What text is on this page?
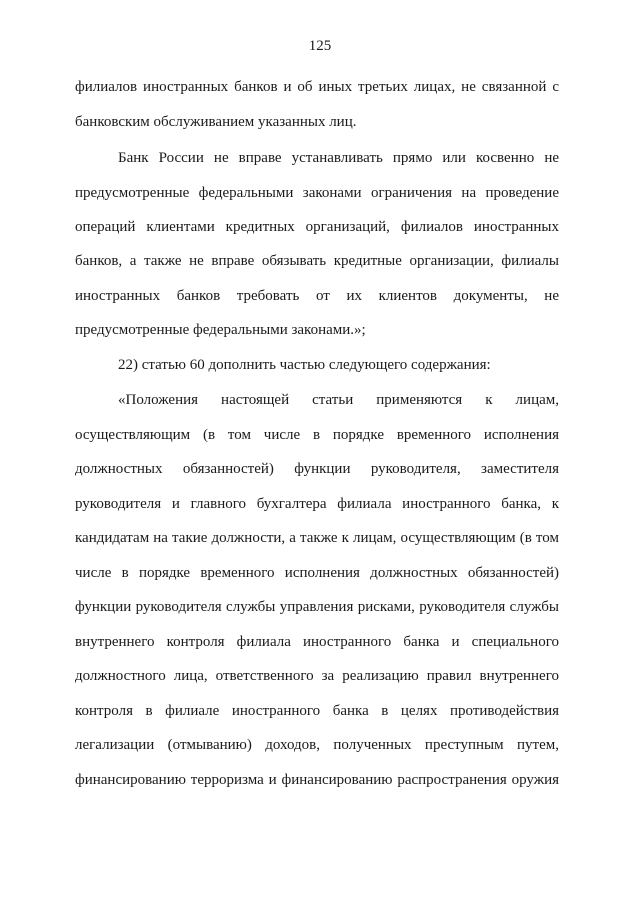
125
филиалов иностранных банков и об иных третьих лицах, не связанной с
банковским обслуживанием указанных лиц.
Банк России не вправе устанавливать прямо или косвенно не
предусмотренные федеральными законами ограничения на проведение
операций клиентами кредитных организаций, филиалов иностранных
банков, а также не вправе обязывать кредитные организации, филиалы
иностранных банков требовать от их клиентов документы, не
предусмотренные федеральными законами.»;
22) статью 60 дополнить частью следующего содержания:
«Положения настоящей статьи применяются к лицам,
осуществляющим (в том числе в порядке временного исполнения
должностных обязанностей) функции руководителя, заместителя
руководителя и главного бухгалтера филиала иностранного банка, к
кандидатам на такие должности, а также к лицам, осуществляющим (в том
числе в порядке временного исполнения должностных обязанностей)
функции руководителя службы управления рисками, руководителя службы
внутреннего контроля филиала иностранного банка и специального
должностного лица, ответственного за реализацию правил внутреннего
контроля в филиале иностранного банка в целях противодействия
легализации (отмыванию) доходов, полученных преступным путем,
финансированию терроризма и финансированию распространения оружия
